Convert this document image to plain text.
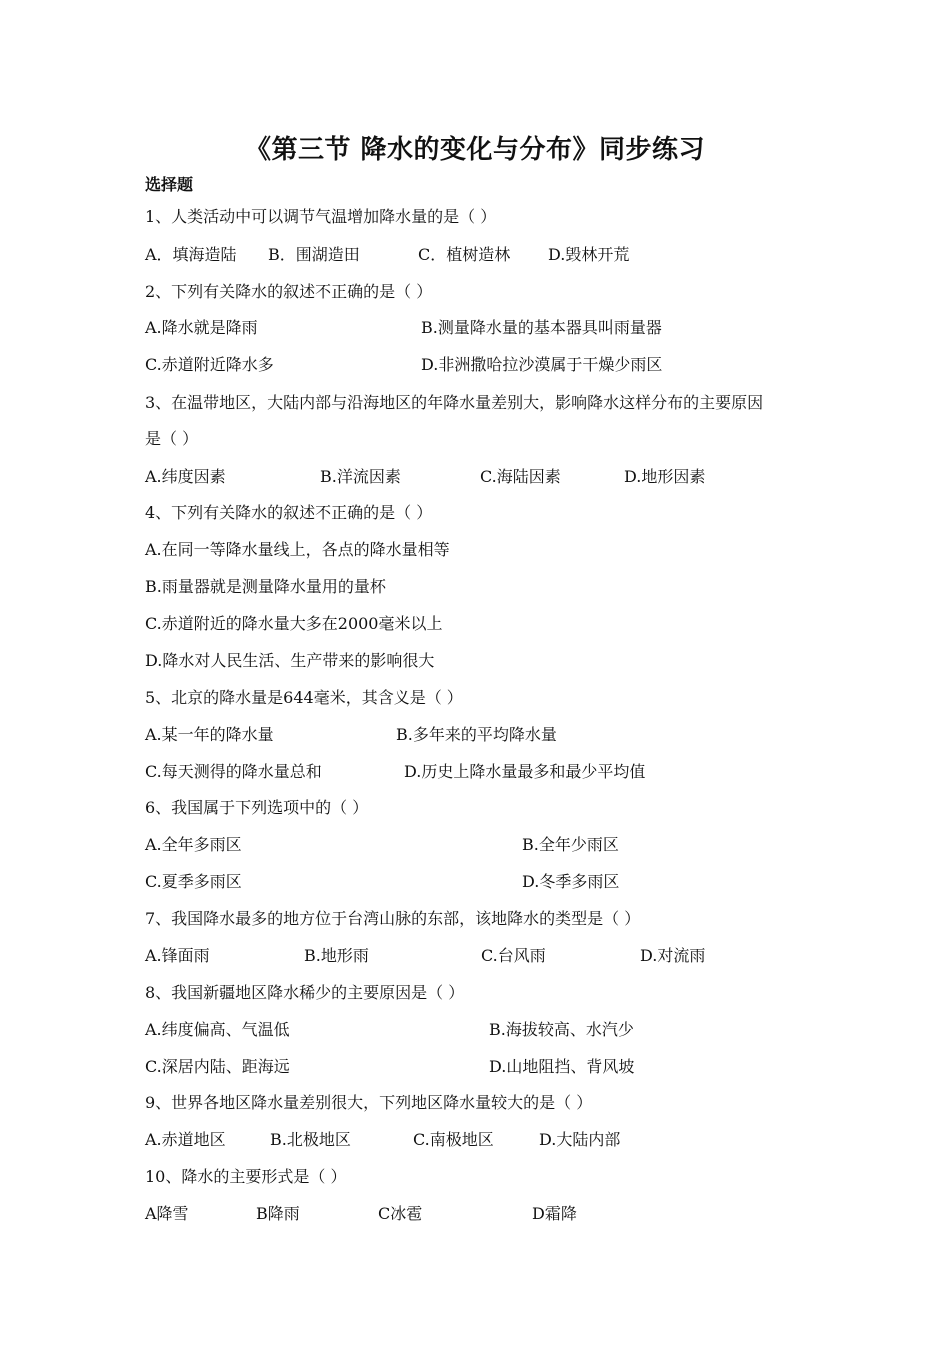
《第三节 降水的变化与分布》同步练习
选择题
1、人类活动中可以调节气温增加降水量的是（ ）
A．填海造陆 B．围湖造田	C．植树造林 D.毁林开荒
2、下列有关降水的叙述不正确的是（ ）
A.降水就是降雨	B.测量降水量的基本器具叫雨量器
C.赤道附近降水多	D.非洲撒哈拉沙漠属于干燥少雨区
3、在温带地区，大陆内部与沿海地区的年降水量差别大，影响降水这样分布的主要原因
是（ ）
A.纬度因素	B.洋流因素	C.海陆因素	D.地形因素
4、下列有关降水的叙述不正确的是（ ）
A.在同一等降水量线上，各点的降水量相等
B.雨量器就是测量降水量用的量杯
C.赤道附近的降水量大多在2000毫米以上
D.降水对人民生活、生产带来的影响很大
5、北京的降水量是644毫米，其含义是（ ）
A.某一年的降水量	B.多年来的平均降水量
C.每天测得的降水量总和	D.历史上降水量最多和最少平均值
6、我国属于下列选项中的（ ）
A.全年多雨区	B.全年少雨区
C.夏季多雨区	D.冬季多雨区
7、我国降水最多的地方位于台湾山脉的东部，该地降水的类型是（ ）
A.锋面雨	B.地形雨	C.台风雨	D.对流雨
8、我国新疆地区降水稀少的主要原因是（ ）
A.纬度偏高、气温低	B.海拔较高、水汽少
C.深居内陆、距海远	D.山地阻挡、背风坡
9、世界各地区降水量差别很大，下列地区降水量较大的是（ ）
A.赤道地区	B.北极地区	C.南极地区	D.大陆内部
10、降水的主要形式是（ ）
A降雪	B降雨	C冰雹	D霜降
